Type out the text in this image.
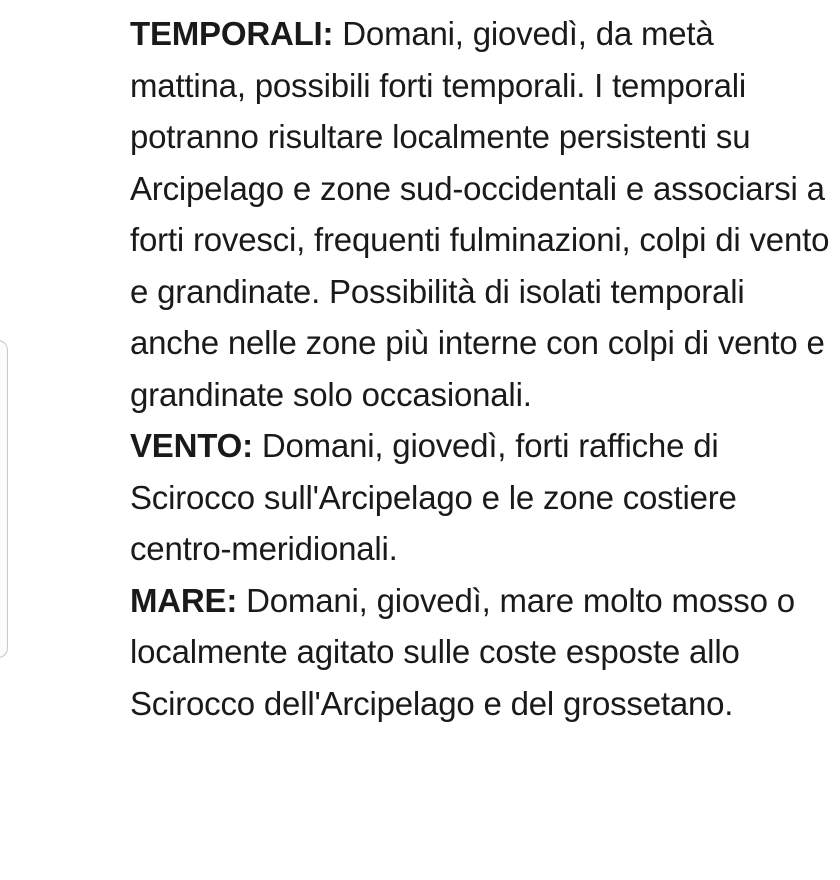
TEMPORALI: Domani, giovedì, da metà mattina, possibili forti temporali. I temporali potranno risultare localmente persistenti su Arcipelago e zone sud-occidentali e associarsi a forti rovesci, frequenti fulminazioni, colpi di vento e grandinate. Possibilità di isolati temporali anche nelle zone più interne con colpi di vento e grandinate solo occasionali.

VENTO: Domani, giovedì, forti raffiche di Scirocco sull'Arcipelago e le zone costiere centro-meridionali.

MARE: Domani, giovedì, mare molto mosso o localmente agitato sulle coste esposte allo Scirocco dell'Arcipelago e del grossetano.
